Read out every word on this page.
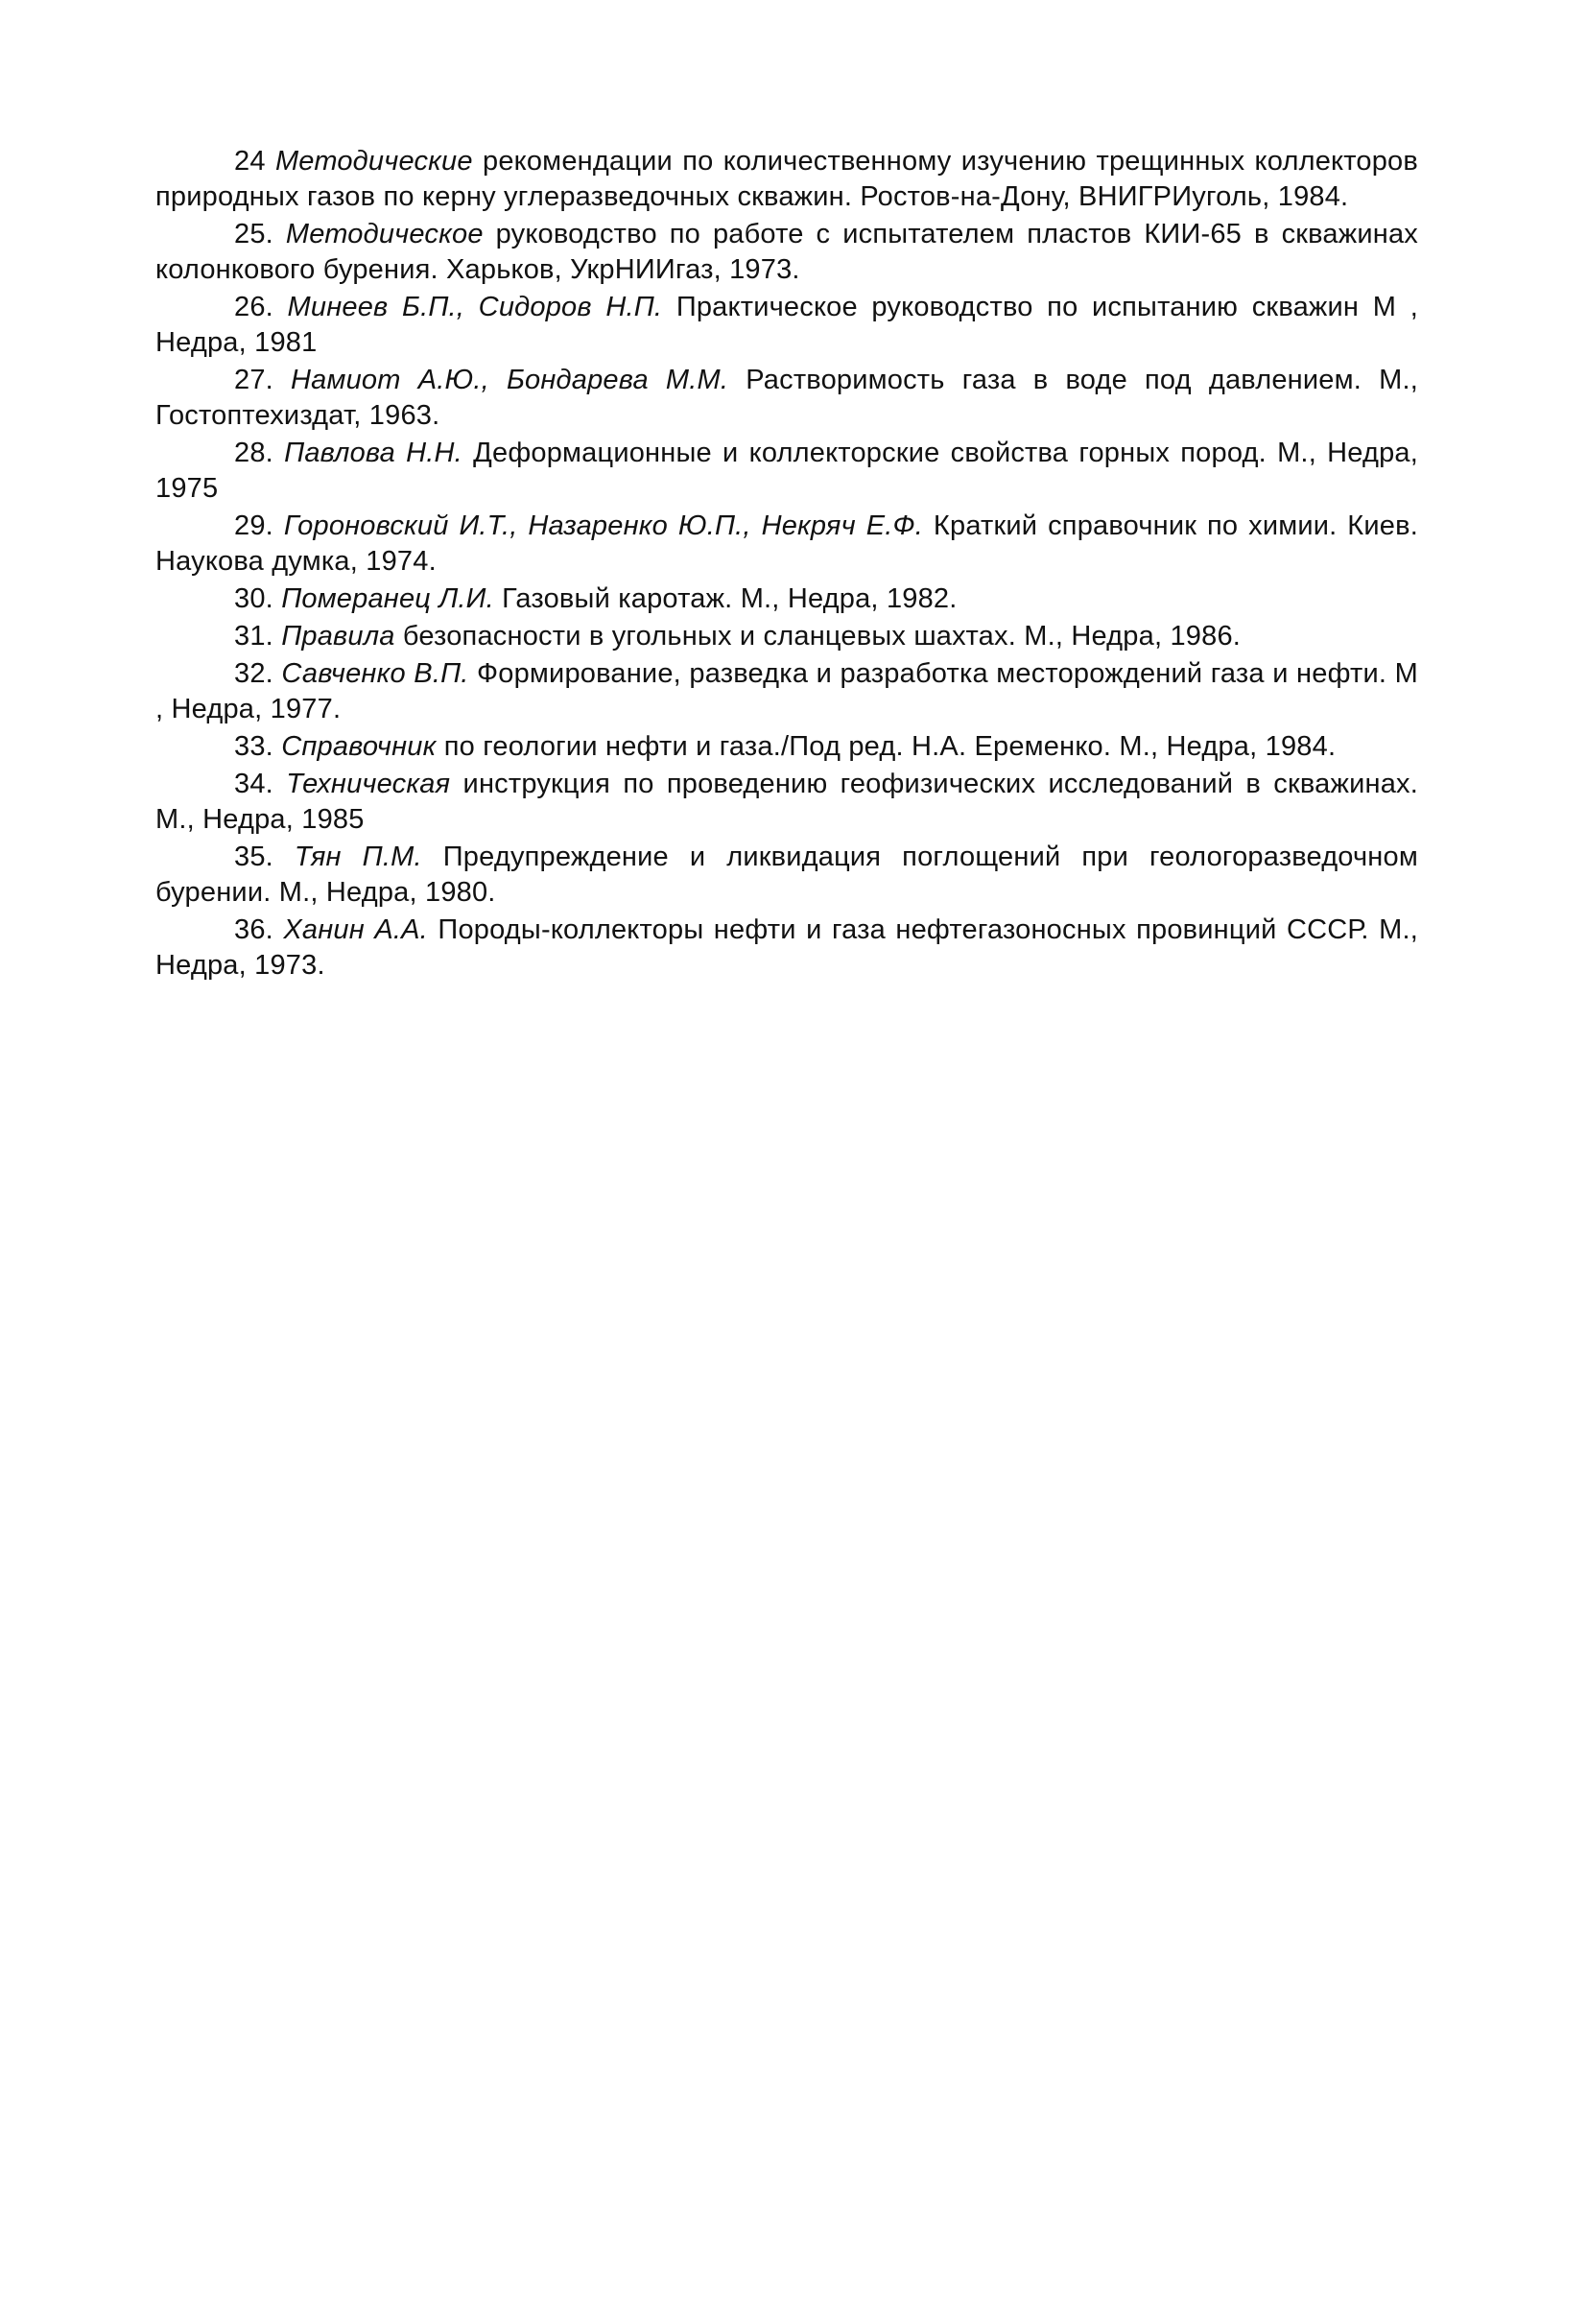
24 Методические рекомендации по количественному изучению трещинных коллекторов природных газов по керну углеразведочных скважин. Ростов-на-Дону, ВНИГРИуголь, 1984.
25. Методическое руководство по работе с испытателем пластов КИИ-65 в скважинах колонкового бурения. Харьков, УкрНИИгаз, 1973.
26. Минеев Б.П., Сидоров Н.П. Практическое руководство по испытанию скважин М , Недра, 1981
27. Намиот А.Ю., Бондарева М.М. Растворимость газа в воде под давлением. М., Гостоптехиздат, 1963.
28. Павлова Н.Н. Деформационные и коллекторские свойства горных пород. М., Недра, 1975
29. Гороновский И.Т., Назаренко Ю.П., Некряч Е.Ф. Краткий справочник по химии. Киев. Наукова думка, 1974.
30. Померанец Л.И. Газовый каротаж. М., Недра, 1982.
31. Правила безопасности в угольных и сланцевых шахтах. М., Недра, 1986.
32. Савченко В.П. Формирование, разведка и разработка месторождений газа и нефти. М , Недра, 1977.
33. Справочник по геологии нефти и газа./Под ред. Н.А. Еременко. М., Недра, 1984.
34. Техническая инструкция по проведению геофизических исследований в скважинах. М., Недра, 1985
35. Тян П.М. Предупреждение и ликвидация поглощений при геологоразведочном бурении. М., Недра, 1980.
36. Ханин А.А. Породы-коллекторы нефти и газа нефтегазоносных провинций СССР. М., Недра, 1973.
